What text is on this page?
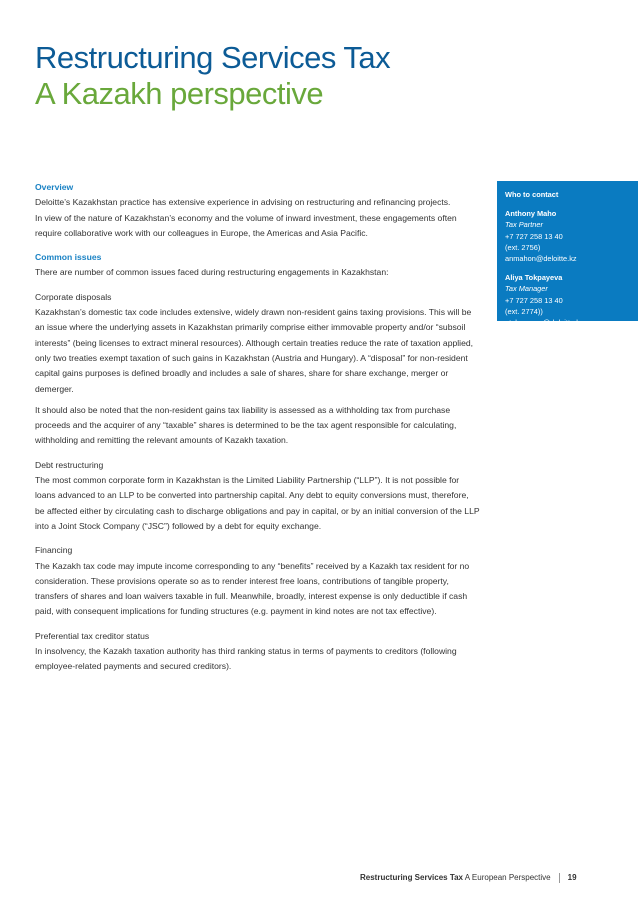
Restructuring Services Tax
A Kazakh perspective
Overview

Deloitte’s Kazakhstan practice has extensive experience in advising on restructuring and refinancing projects.

In view of the nature of Kazakhstan’s economy and the volume of inward investment, these engagements often require collaborative work with our colleagues in Europe, the Americas and Asia Pacific.

Common issues

There are number of common issues faced during restructuring engagements in Kazakhstan:

Corporate disposals

Kazakhstan’s domestic tax code includes extensive, widely drawn non-resident gains taxing provisions. This will be an issue where the underlying assets in Kazakhstan primarily comprise either immovable property and/or “subsoil interests” (being licenses to extract mineral resources). Although certain treaties reduce the rate of taxation applied, only two treaties exempt taxation of such gains in Kazakhstan (Austria and Hungary). A “disposal” for non-resident capital gains purposes is defined broadly and includes a sale of shares, share for share exchange, merger or demerger.

It should also be noted that the non-resident gains tax liability is assessed as a withholding tax from purchase proceeds and the acquirer of any “taxable” shares is determined to be the tax agent responsible for calculating, withholding and remitting the relevant amounts of Kazakh taxation.

Debt restructuring

The most common corporate form in Kazakhstan is the Limited Liability Partnership (“LLP”). It is not possible for loans advanced to an LLP to be converted into partnership capital. Any debt to equity conversions must, therefore, be affected either by circulating cash to discharge obligations and pay in capital, or by an initial conversion of the LLP into a Joint Stock Company (“JSC”) followed by a debt for equity exchange.

Financing

The Kazakh tax code may impute income corresponding to any “benefits” received by a Kazakh tax resident for no consideration. These provisions operate so as to render interest free loans, contributions of tangible property, transfers of shares and loan waivers taxable in full. Meanwhile, broadly, interest expense is only deductible if cash paid, with consequent implications for funding structures (e.g. payment in kind notes are not tax effective).

Preferential tax creditor status

In insolvency, the Kazakh taxation authority has third ranking status in terms of payments to creditors (following employee-related payments and secured creditors).

Who to contact
Anthony Maho
Tax Partner
+7 727 258 13 40
(ext. 2756)
anmahon@deloitte.kz
Aliya Tokpayeva
Tax Manager
+7 727 258 13 40
(ext. 2774))
atokpayeva@deloitte.kz
Restructuring Services Tax A European Perspective 19
